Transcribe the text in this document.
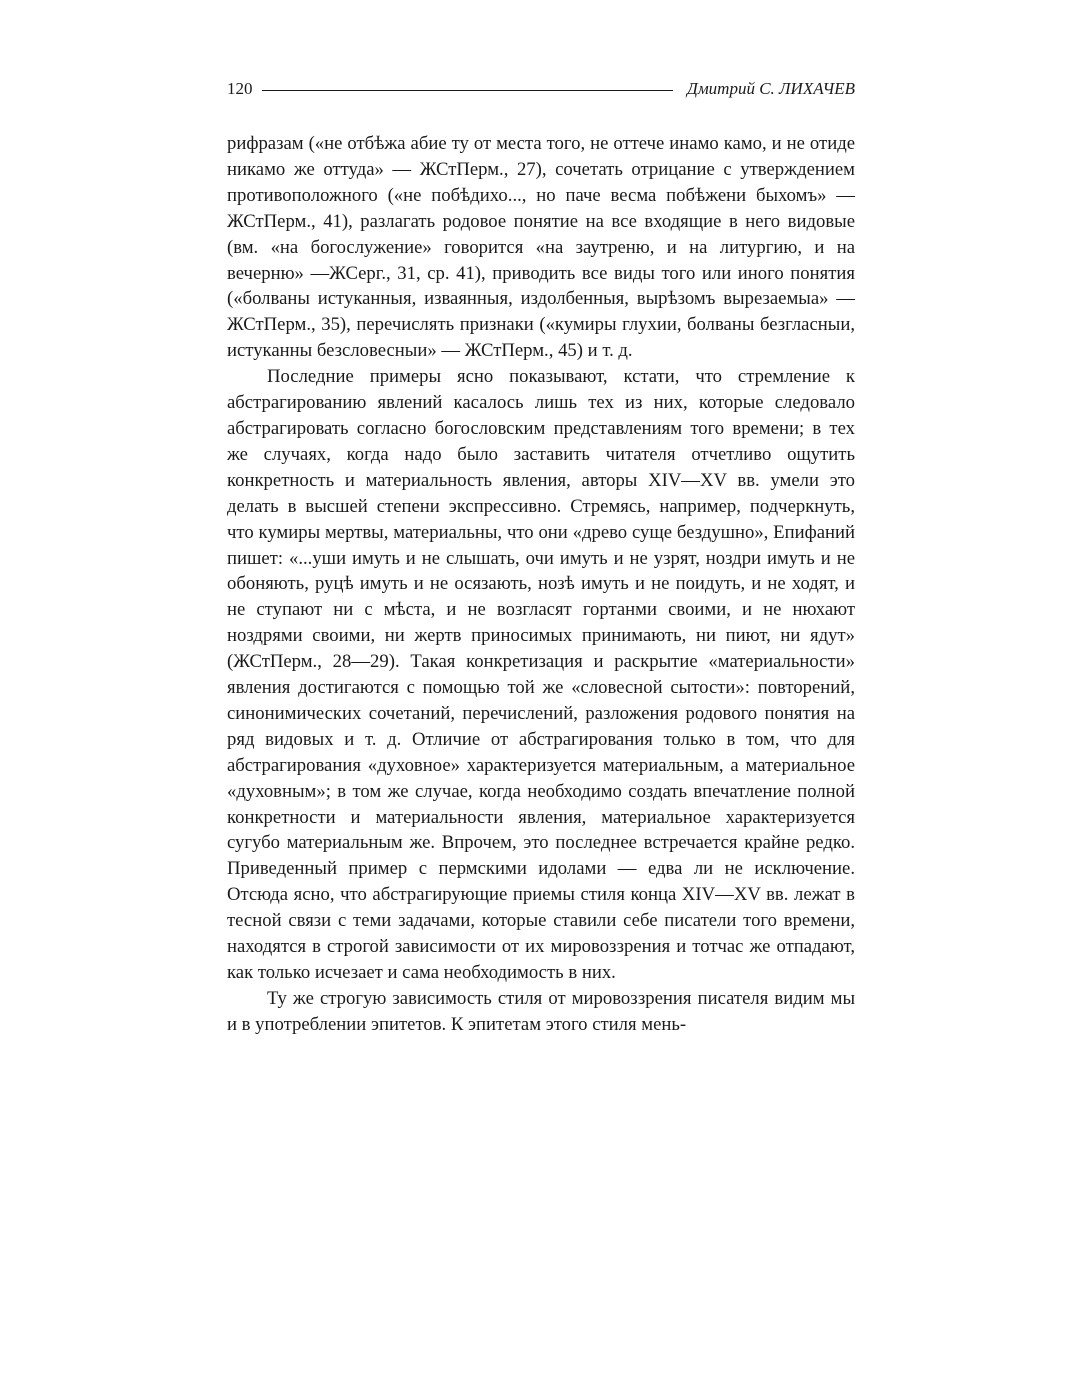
120	Дмитрий С. ЛИХАЧЕВ

рифразам («не отбѣжа абие ту от места того, не оттече инамо камо, и не отиде никамо же оттуда» — ЖСтПерм., 27), сочетать отрицание с утверждением противоположного («не побѣдихо..., но паче весма побѣжени быхомъ» — ЖСтПерм., 41), разлагать родовое понятие на все входящие в него видовые (вм. «на богослужение» говорится «на заутреню, и на литургию, и на вечерню» —ЖСерг., 31, ср. 41), приводить все виды того или иного понятия («болваны истуканныя, изваянныя, издолбенныя, вырѣзомъ вырезаемыа» — ЖСтПерм., 35), перечислять признаки («кумиры глухии, болваны безгласныи, истуканны безсловесныи» — ЖСтПерм., 45) и т. д.

Последние примеры ясно показывают, кстати, что стремление к абстрагированию явлений касалось лишь тех из них, которые следовало абстрагировать согласно богословским представлениям того времени; в тех же случаях, когда надо было заставить читателя отчетливо ощутить конкретность и материальность явления, авторы XIV—XV вв. умели это делать в высшей степени экспрессивно. Стремясь, например, подчеркнуть, что кумиры мертвы, материальны, что они «древо суще бездушно», Епифаний пишет: «...уши имуть и не слышать, очи имуть и не узрят, ноздри имуть и не обоняють, руцѣ имуть и не осязають, нозѣ имуть и не поидуть, и не ходят, и не ступают ни с мѣста, и не возгласят гортанми своими, и не нюхают ноздрями своими, ни жертв приносимых принимають, ни пиют, ни ядут» (ЖСтПерм., 28—29). Такая конкретизация и раскрытие «материальности» явления достигаются с помощью той же «словесной сытости»: повторений, синонимических сочетаний, перечислений, разложения родового понятия на ряд видовых и т. д. Отличие от абстрагирования только в том, что для абстрагирования «духовное» характеризуется материальным, а материальное «духовным»; в том же случае, когда необходимо создать впечатление полной конкретности и материальности явления, материальное характеризуется сугубо материальным же. Впрочем, это последнее встречается крайне редко. Приведенный пример с пермскими идолами — едва ли не исключение. Отсюда ясно, что абстрагирующие приемы стиля конца XIV—XV вв. лежат в тесной связи с теми задачами, которые ставили себе писатели того времени, находятся в строгой зависимости от их мировоззрения и тотчас же отпадают, как только исчезает и сама необходимость в них.

Ту же строгую зависимость стиля от мировоззрения писателя видим мы и в употреблении эпитетов. К эпитетам этого стиля мень-
